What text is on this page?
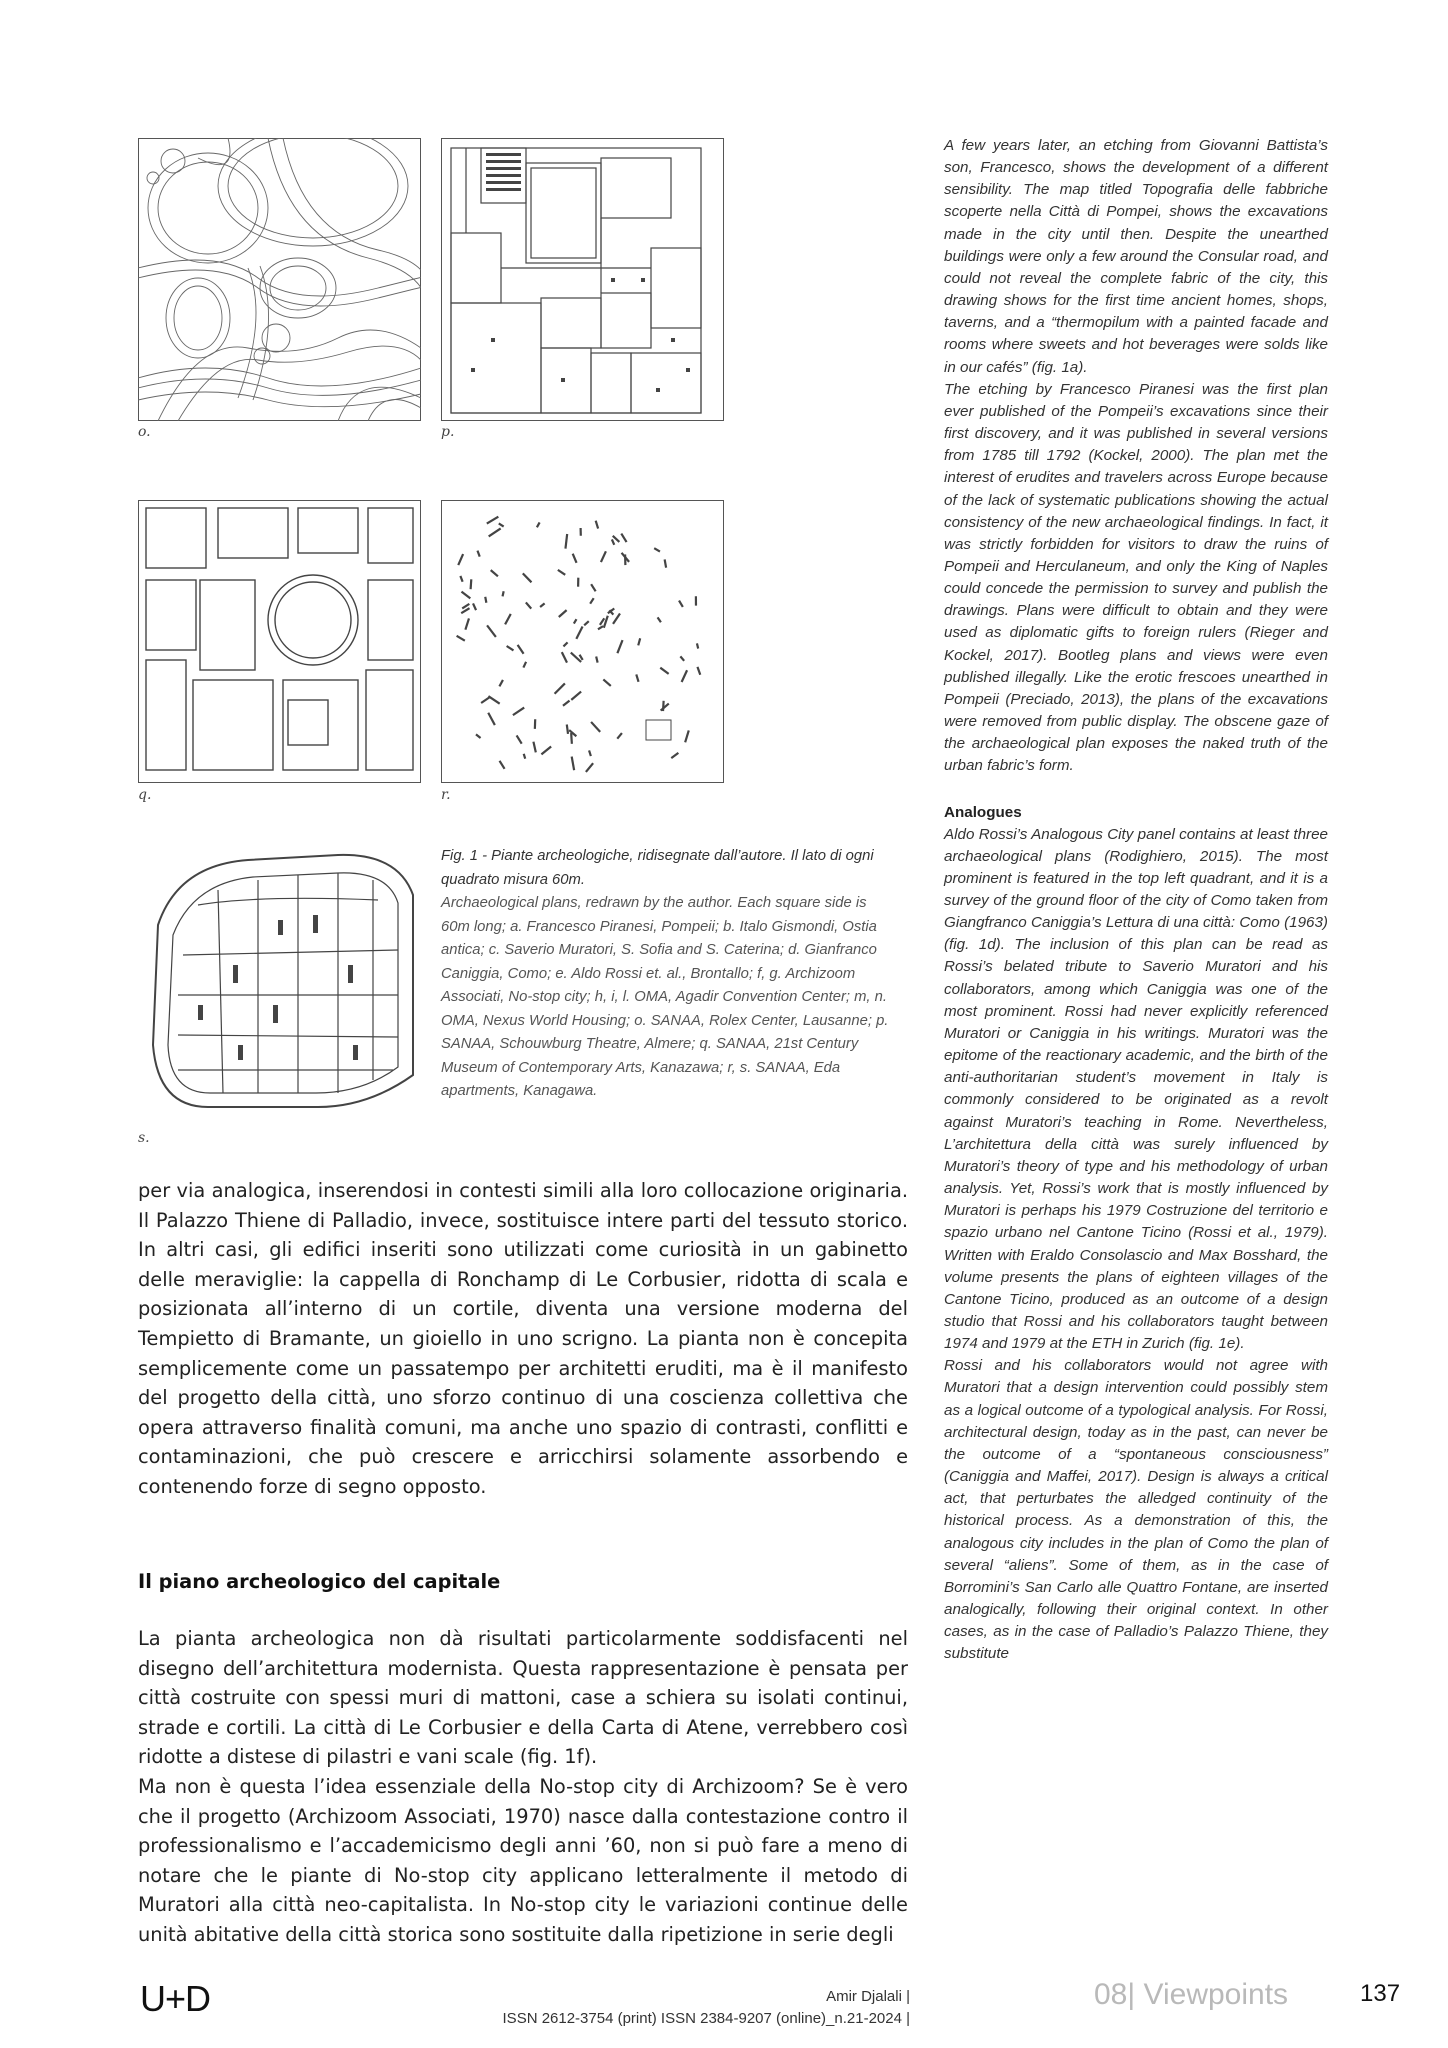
o.	p.
q.	r.
s.
Fig. 1 - Piante archeologiche, ridisegnate dall’autore. Il lato di ogni quadrato misura 60m.
Archaeological plans, redrawn by the author. Each square side is 60m long; a. Francesco Piranesi, Pompeii; b. Italo Gismondi, Ostia antica; c. Saverio Muratori, S. Sofia and S. Caterina; d. Gianfranco Caniggia, Como; e. Aldo Rossi et. al., Brontallo; f, g. Archizoom Associati, No-stop city; h, i, l. OMA, Agadir Convention Center; m, n. OMA, Nexus World Housing; o. SANAA, Rolex Center, Lausanne; p. SANAA, Schouwburg Theatre, Almere; q. SANAA, 21st Century Museum of Contemporary Arts, Kanazawa; r, s. SANAA, Eda apartments, Kanagawa.

A few years later, an etching from Giovanni Battista’s son, Francesco, shows the development of a different sensibility. The map titled Topografia delle fabbriche scoperte nella Città di Pompei, shows the excavations made in the city until then. Despite the unearthed buildings were only a few around the Consular road, and could not reveal the complete fabric of the city, this drawing shows for the first time ancient homes, shops, taverns, and a “thermopilum with a painted facade and rooms where sweets and hot beverages were solds like in our cafés” (fig. 1a).

The etching by Francesco Piranesi was the first plan ever published of the Pompeii’s excavations since their first discovery, and it was published in several versions from 1785 till 1792 (Kockel, 2000). The plan met the interest of erudites and travelers across Europe because of the lack of systematic publications showing the actual consistency of the new archaeological findings. In fact, it was strictly forbidden for visitors to draw the ruins of Pompeii and Herculaneum, and only the King of Naples could concede the permission to survey and publish the drawings. Plans were difficult to obtain and they were used as diplomatic gifts to foreign rulers (Rieger and Kockel, 2017). Bootleg plans and views were even published illegally. Like the erotic frescoes unearthed in Pompeii (Preciado, 2013), the plans of the excavations were removed from public display. The obscene gaze of the archaeological plan exposes the naked truth of the urban fabric’s form.

Analogues

Aldo Rossi’s Analogous City panel contains at least three archaeological plans (Rodighiero, 2015). The most prominent is featured in the top left quadrant, and it is a survey of the ground floor of the city of Como taken from Giangfranco Caniggia’s Lettura di una città: Como (1963) (fig. 1d). The inclusion of this plan can be read as Rossi’s belated tribute to Saverio Muratori and his collaborators, among which Caniggia was one of the most prominent. Rossi had never explicitly referenced Muratori or Caniggia in his writings. Muratori was the epitome of the reactionary academic, and the birth of the anti-authoritarian student’s movement in Italy is commonly considered to be originated as a revolt against Muratori’s teaching in Rome. Nevertheless, L’architettura della città was surely influenced by Muratori’s theory of type and his methodology of urban analysis. Yet, Rossi’s work that is mostly influenced by Muratori is perhaps his 1979 Costruzione del territorio e spazio urbano nel Cantone Ticino (Rossi et al., 1979). Written with Eraldo Consolascio and Max Bosshard, the volume presents the plans of eighteen villages of the Cantone Ticino, produced as an outcome of a design studio that Rossi and his collaborators taught between 1974 and 1979 at the ETH in Zurich (fig. 1e).

Rossi and his collaborators would not agree with Muratori that a design intervention could possibly stem as a logical outcome of a typological analysis. For Rossi, architectural design, today as in the past, can never be the outcome of a “spontaneous consciousness” (Caniggia and Maffei, 2017). Design is always a critical act, that perturbates the alledged continuity of the historical process. As a demonstration of this, the analogous city includes in the plan of Como the plan of several “aliens”. Some of them, as in the case of Borromini’s San Carlo alle Quattro Fontane, are inserted analogically, following their original context. In other cases, as in the case of Palladio’s Palazzo Thiene, they substitute

per via analogica, inserendosi in contesti simili alla loro collocazione originaria. Il Palazzo Thiene di Palladio, invece, sostituisce intere parti del tessuto storico. In altri casi, gli edifici inseriti sono utilizzati come curiosità in un gabinetto delle meraviglie: la cappella di Ronchamp di Le Corbusier, ridotta di scala e posizionata all’interno di un cortile, diventa una versione moderna del Tempietto di Bramante, un gioiello in uno scrigno. La pianta non è concepita semplicemente come un passatempo per architetti eruditi, ma è il manifesto del progetto della città, uno sforzo continuo di una coscienza collettiva che opera attraverso finalità comuni, ma anche uno spazio di contrasti, conflitti e contaminazioni, che può crescere e arricchirsi solamente assorbendo e contenendo forze di segno opposto.

Il piano archeologico del capitale

La pianta archeologica non dà risultati particolarmente soddisfacenti nel disegno dell’architettura modernista. Questa rappresentazione è pensata per città costruite con spessi muri di mattoni, case a schiera su isolati continui, strade e cortili. La città di Le Corbusier e della Carta di Atene, verrebbero così ridotte a distese di pilastri e vani scale (fig. 1f).

Ma non è questa l’idea essenziale della No-stop city di Archizoom? Se è vero che il progetto (Archizoom Associati, 1970) nasce dalla contestazione contro il professionalismo e l’accademicismo degli anni ’60, non si può fare a meno di notare che le piante di No-stop city applicano letteralmente il metodo di Muratori alla città neo-capitalista. In No-stop city le variazioni continue delle unità abitative della città storica sono sostituite dalla ripetizione in serie degli

U+D	Amir Djalali |
ISSN 2612-3754 (print) ISSN 2384-9207 (online)_n.21-2024 |
08| Viewpoints	137
